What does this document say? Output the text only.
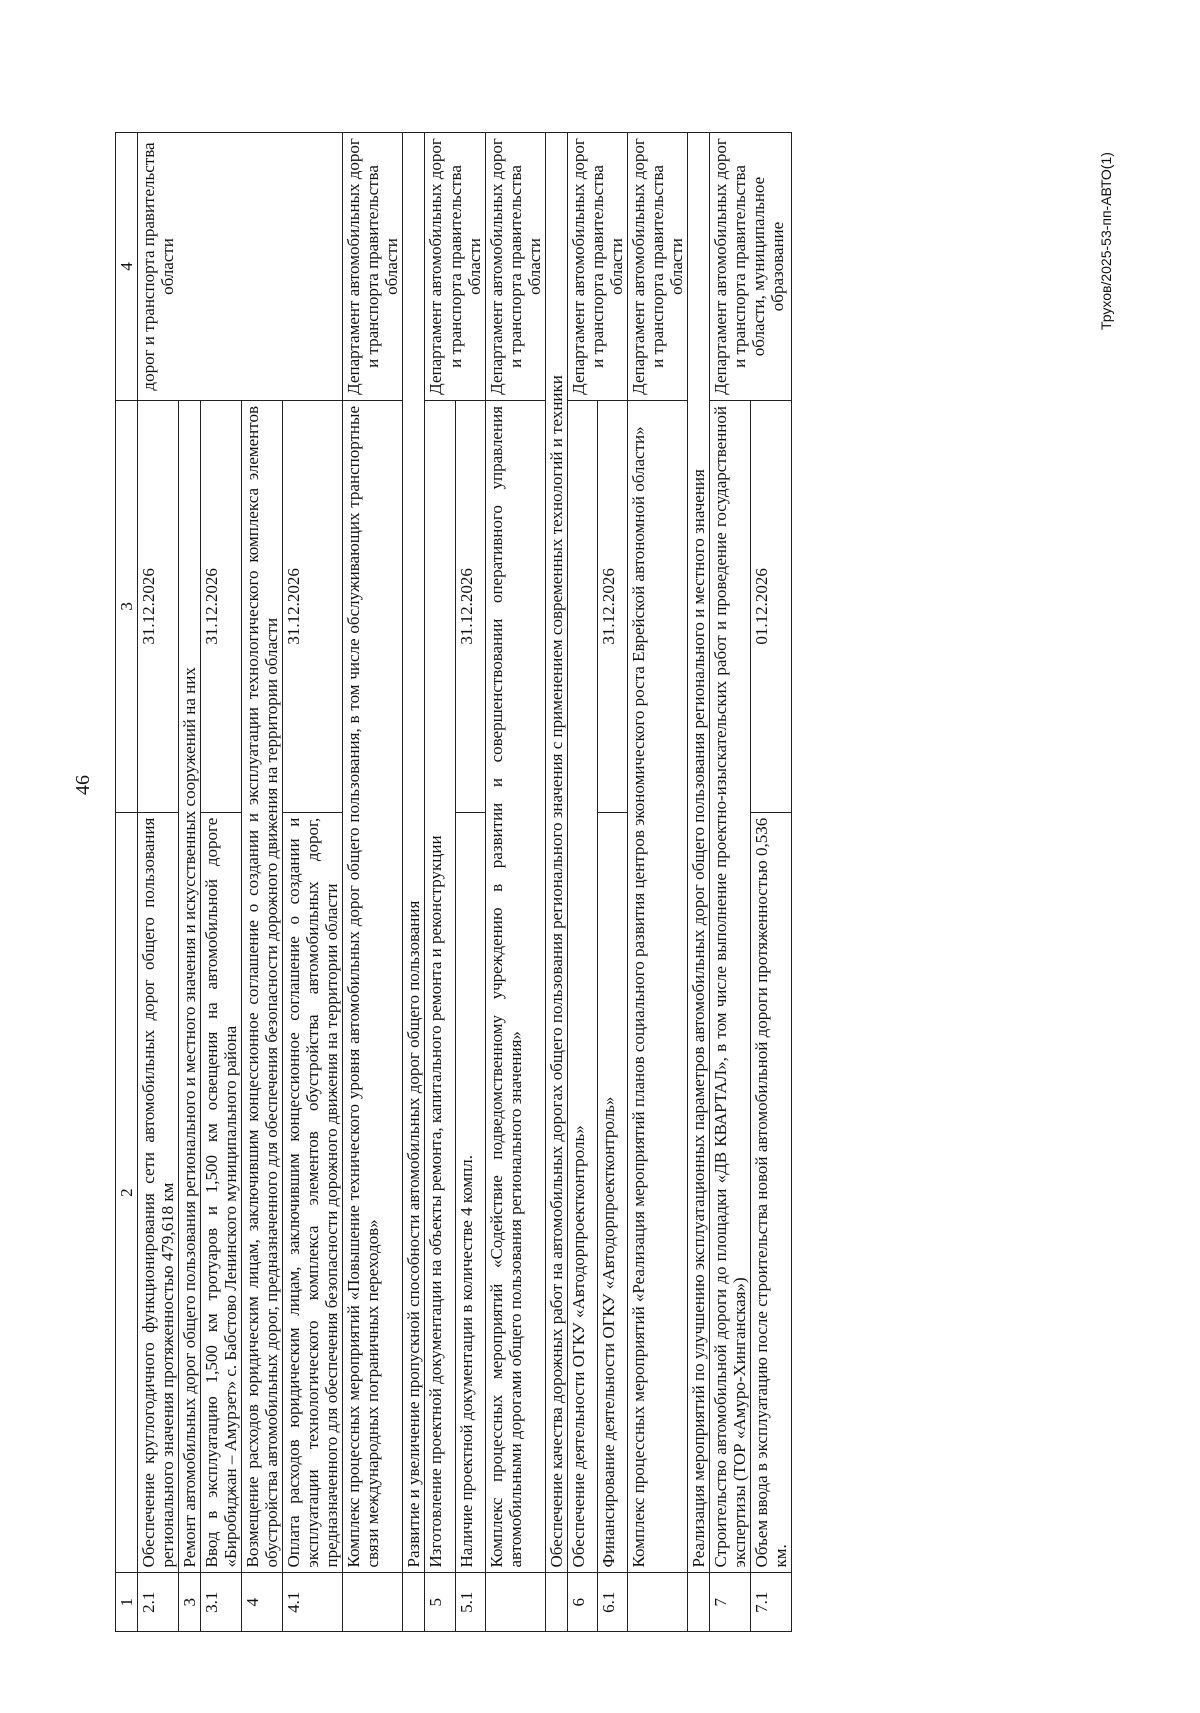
46
Трухов/2025-53-пп-АВТО(1)
1	2	3	4
2.1	Обеспечение круглогодичного функционирования сети автомобильных дорог общего пользования регионального значения протяженностью 479,618 км	31.12.2026	дорог и транспорта правительства области
3	Ремонт автомобильных дорог общего пользования регионального и местного значения и искусственных сооружений на них		
3.1	Ввод в эксплуатацию 1,500 км тротуаров и 1,500 км освещения на автомобильной дороге «Биробиджан – Амурзет» с. Бабстово Ленинского муниципального района	31.12.2026	
4	Возмещение расходов юридическим лицам, заключившим концессионное соглашение о создании и эксплуатации технологического комплекса элементов обустройства автомобильных дорог, предназначенного для обеспечения безопасности дорожного движения на территории области		
4.1	Оплата расходов юридическим лицам, заключившим концессионное соглашение о создании и эксплуатации технологического комплекса элементов обустройства автомобильных дорог, предназначенного для обеспечения безопасности дорожного движения на территории области	31.12.2026	
	Комплекс процессных мероприятий «Повышение технического уровня автомобильных дорог общего пользования, в том числе обслуживающих транспортные связи международных пограничных переходов»		Департамент автомобильных дорог и транспорта правительства области
	Развитие и увеличение пропускной способности автомобильных дорог общего пользования		
5	Изготовление проектной документации на объекты ремонта, капитального ремонта и реконструкции		Департамент автомобильных дорог и транспорта правительства области
5.1	Наличие проектной документации в количестве 4 компл.	31.12.2026	
	Комплекс процессных мероприятий «Содействие подведомственному учреждению в развитии и совершенствовании оперативного управления автомобильными дорогами общего пользования регионального значения»		Департамент автомобильных дорог и транспорта правительства области
	Обеспечение качества дорожных работ на автомобильных дорогах общего пользования регионального значения с применением современных технологий и техники		
6	Обеспечение деятельности ОГКУ «Автодорпроектконтроль»		Департамент автомобильных дорог и транспорта правительства области
6.1	Финансирование деятельности ОГКУ «Автодорпроектконтроль»	31.12.2026	
	Комплекс процессных мероприятий «Реализация мероприятий планов социального развития центров экономического роста Еврейской автономной области»		Департамент автомобильных дорог и транспорта правительства области
	Реализация мероприятий по улучшению эксплуатационных параметров автомобильных дорог общего пользования регионального и местного значения		
7	Строительство автомобильной дороги до площадки «ДВ КВАРТАЛ», в том числе выполнение проектно-изыскательских работ и проведение государственной экспертизы (ТОР «Амуро-Хинганская»)		Департамент автомобильных дорог и транспорта правительства области, муниципальное образование
7.1	Объем ввода в эксплуатацию после строительства новой автомобильной дороги протяженностью 0,536 км.	01.12.2026	
